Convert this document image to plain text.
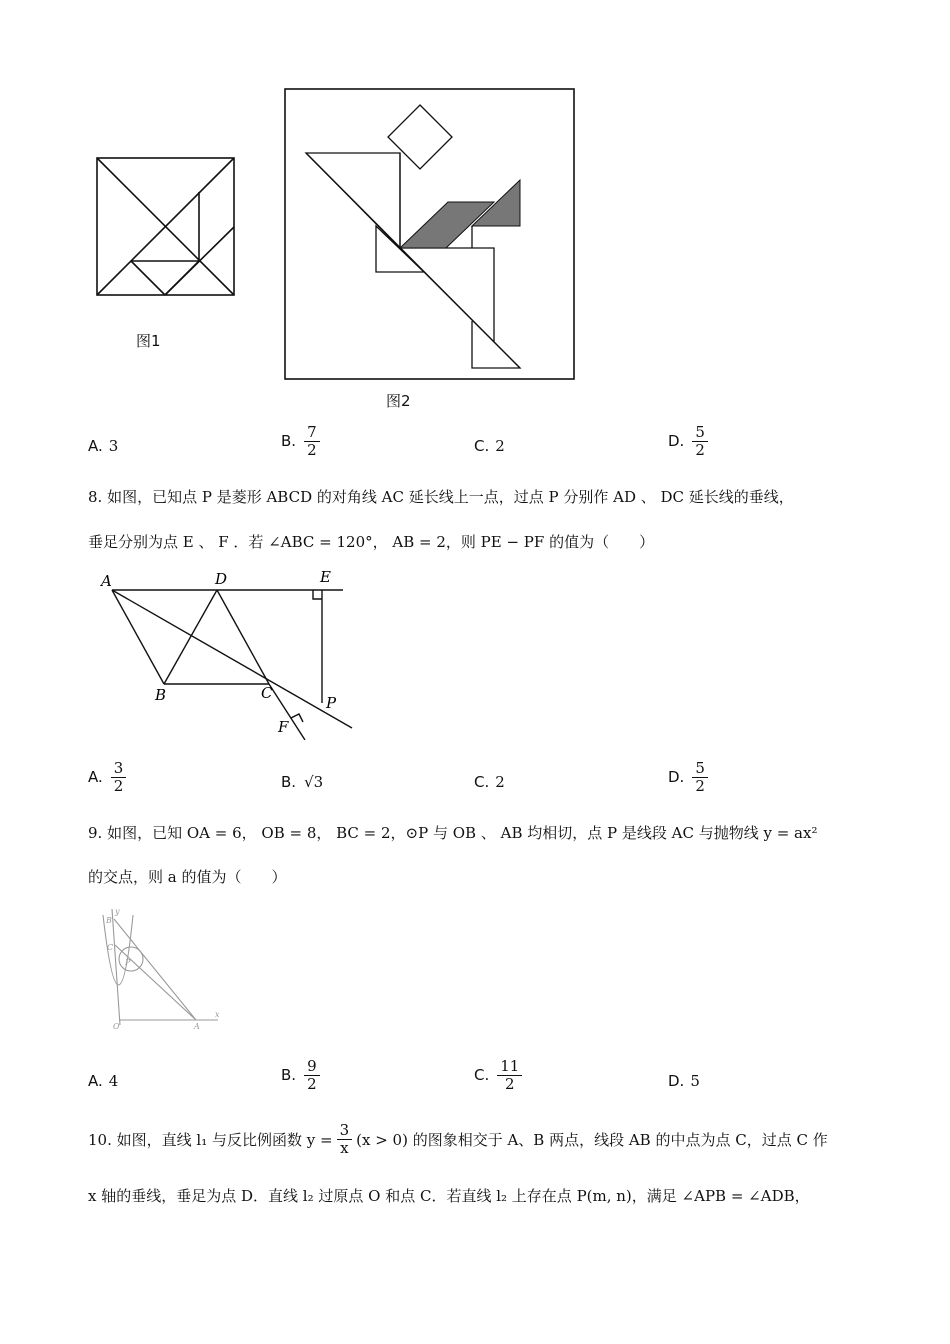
图1
图2
A. 3	B. $\frac{7}{2}$	C. 2	D. $\frac{5}{2}$
8. 如图，已知点 P 是菱形 ABCD 的对角线 AC 延长线上一点，过点 P 分别作 AD 、 DC 延长线的垂线，
垂足分别为点 E 、 F ．若 ∠ABC = 120°， AB = 2，则 PE − PF 的值为（　　）
A	D	E
B	C
P
F
A. $\frac{3}{2}$	B. √3	C. 2	D. $\frac{5}{2}$
9. 如图，已知 OA = 6， OB = 8， BC = 2，⊙P 与 OB 、 AB 均相切，点 P 是线段 AC 与抛物线 y = ax²
的交点，则 a 的值为（　　）
y
x
B
C
P
O	A
A. 4	B. $\frac{9}{2}$	C. $\frac{11}{2}$	D. 5
10. 如图，直线 l₁ 与反比例函数 $y = \frac{3}{x} (x > 0)$ 的图象相交于 A、B 两点，线段 AB 的中点为点 C，过点 C 作
x 轴的垂线，垂足为点 D．直线 l₂ 过原点 O 和点 C．若直线 l₂ 上存在点 P(m, n)，满足 ∠APB = ∠ADB，
